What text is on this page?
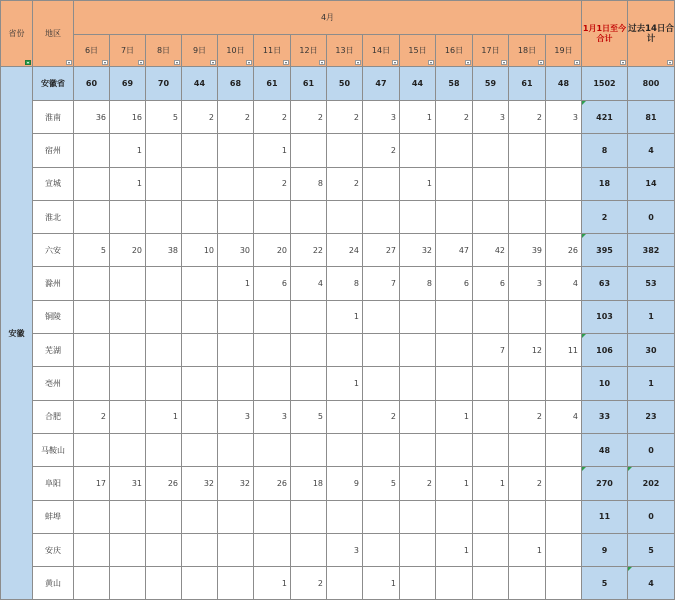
省份	地区	4月														1月1日至今合计	过去14日合计

		6日	7日	8日	9日	10日	11日	12日	13日	14日	15日	16日	17日	18日	19日		

安徽	安徽省	60	69	70	44	68	61	61	50	47	44	58	59	61	48	1502	800
	淮南	36	16	5	2	2	2	2	2	3	1	2	3	2	3	421	81
	宿州		1				1			2						8	4
	宣城		1				2	8	2		1					18	14
	淮北															2	0
	六安	5	20	38	10	30	20	22	24	27	32	47	42	39	26	395	382
	滁州					1	6	4	8	7	8	6	6	3	4	63	53
	铜陵								1							103	1
	芜湖												7	12	11	106	30
	亳州								1							10	1
	合肥	2		1		3	3	5		2		1		2	4	33	23
	马鞍山															48	0
	阜阳	17	31	26	32	32	26	18	9	5	2	1	1	2		270	202
	蚌埠															11	0
	安庆								3			1		1		9	5
	黄山						1	2		1						5	4
